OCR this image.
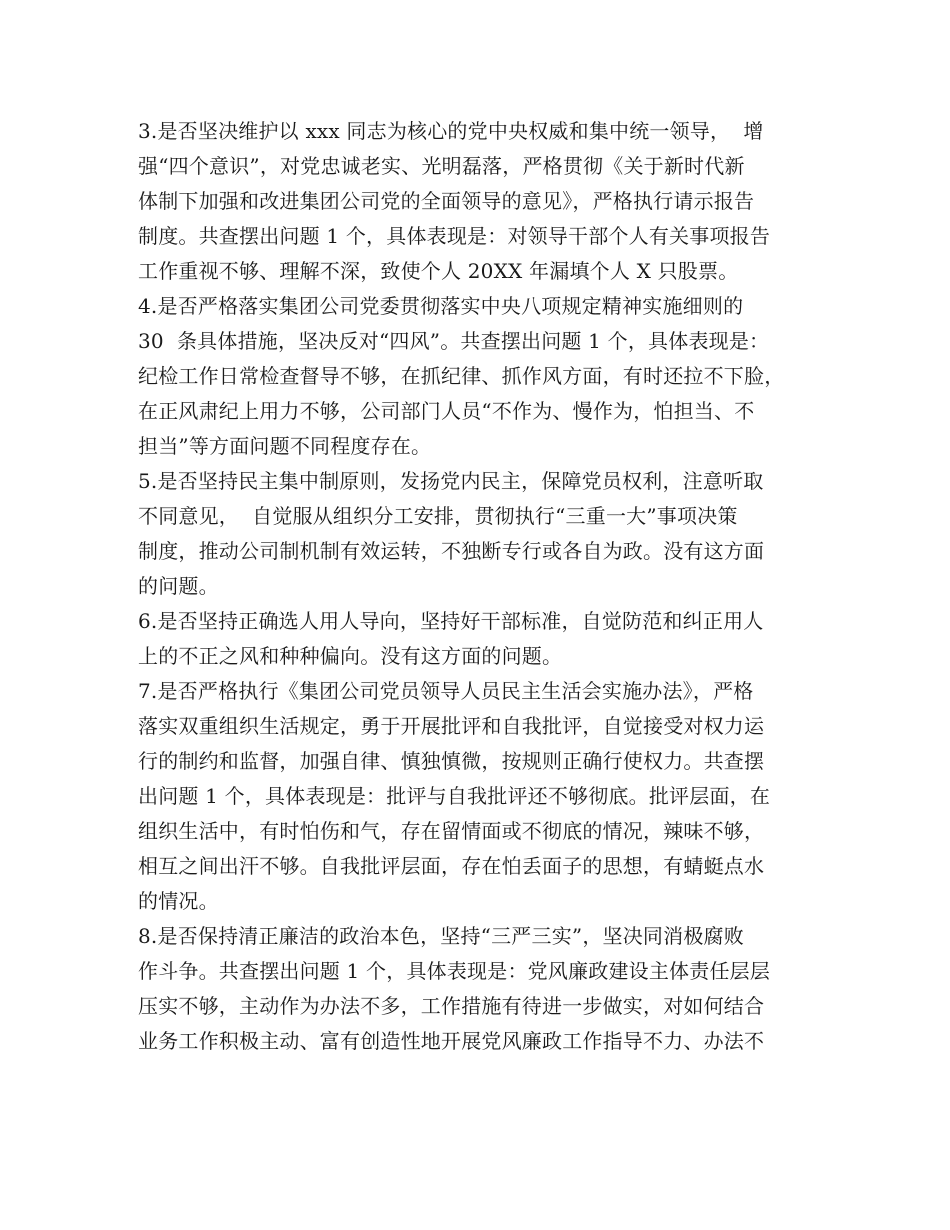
3.是否坚决维护以 xxx 同志为核心的党中央权威和集中统一领导，  增
强“四个意识”，对党忠诚老实、光明磊落，严格贯彻《关于新时代新
体制下加强和改进集团公司党的全面领导的意见》，严格执行请示报告
制度。共查摆出问题 1 个，具体表现是：对领导干部个人有关事项报告
工作重视不够、理解不深，致使个人 20XX 年漏填个人 X 只股票。
4.是否严格落实集团公司党委贯彻落实中央八项规定精神实施细则的
30  条具体措施，坚决反对“四风”。共查摆出问题 1 个，具体表现是：
纪检工作日常检查督导不够，在抓纪律、抓作风方面，有时还拉不下脸，
在正风肃纪上用力不够，公司部门人员“不作为、慢作为，怕担当、不
担当”等方面问题不同程度存在。
5.是否坚持民主集中制原则，发扬党内民主，保障党员权利，注意听取
不同意见，  自觉服从组织分工安排，贯彻执行“三重一大”事项决策
制度，推动公司制机制有效运转，不独断专行或各自为政。没有这方面
的问题。
6.是否坚持正确选人用人导向，坚持好干部标准，自觉防范和纠正用人
上的不正之风和种种偏向。没有这方面的问题。
7.是否严格执行《集团公司党员领导人员民主生活会实施办法》，严格
落实双重组织生活规定，勇于开展批评和自我批评，自觉接受对权力运
行的制约和监督，加强自律、慎独慎微，按规则正确行使权力。共查摆
出问题 1 个，具体表现是：批评与自我批评还不够彻底。批评层面，在
组织生活中，有时怕伤和气，存在留情面或不彻底的情况，辣味不够，
相互之间出汗不够。自我批评层面，存在怕丢面子的思想，有蜻蜓点水
的情况。
8.是否保持清正廉洁的政治本色，坚持“三严三实”，坚决同消极腐败
作斗争。共查摆出问题 1 个，具体表现是：党风廉政建设主体责任层层
压实不够，主动作为办法不多，工作措施有待进一步做实，对如何结合
业务工作积极主动、富有创造性地开展党风廉政工作指导不力、办法不
